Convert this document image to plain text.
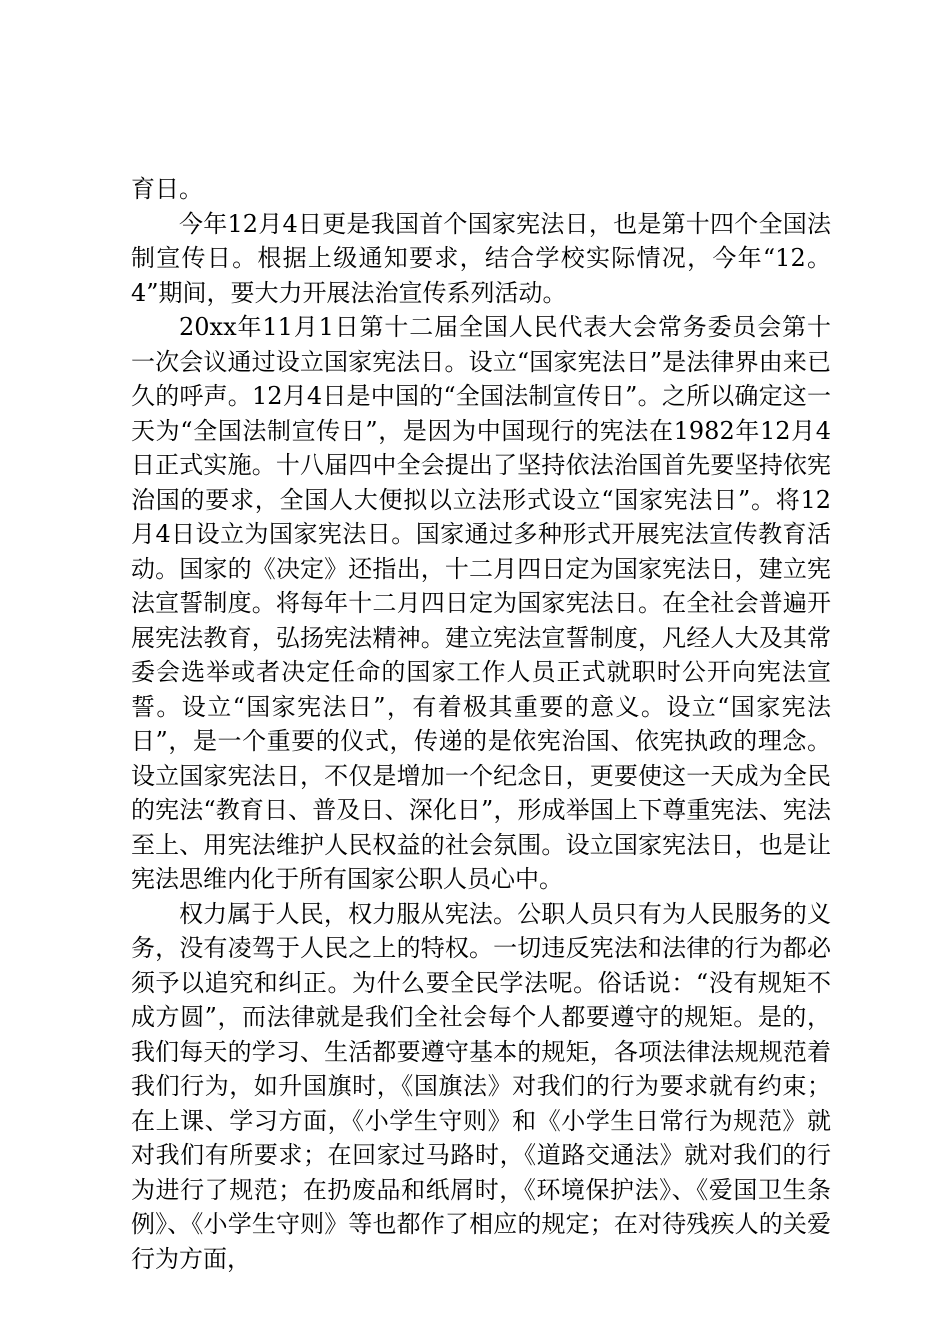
育日。

今年12月4日更是我国首个国家宪法日，也是第十四个全国法制宣传日。根据上级通知要求，结合学校实际情况，今年“12。4”期间，要大力开展法治宣传系列活动。

20xx年11月1日第十二届全国人民代表大会常务委员会第十一次会议通过设立国家宪法日。设立“国家宪法日”是法律界由来已久的呼声。12月4日是中国的“全国法制宣传日”。之所以确定这一天为“全国法制宣传日”，是因为中国现行的宪法在1982年12月4日正式实施。十八届四中全会提出了坚持依法治国首先要坚持依宪治国的要求，全国人大便拟以立法形式设立“国家宪法日”。将12月4日设立为国家宪法日。国家通过多种形式开展宪法宣传教育活动。国家的《决定》还指出，十二月四日定为国家宪法日，建立宪法宣誓制度。将每年十二月四日定为国家宪法日。在全社会普遍开展宪法教育，弘扬宪法精神。建立宪法宣誓制度，凡经人大及其常委会选举或者决定任命的国家工作人员正式就职时公开向宪法宣誓。设立“国家宪法日”，有着极其重要的意义。设立“国家宪法日”，是一个重要的仪式，传递的是依宪治国、依宪执政的理念。设立国家宪法日，不仅是增加一个纪念日，更要使这一天成为全民的宪法“教育日、普及日、深化日”，形成举国上下尊重宪法、宪法至上、用宪法维护人民权益的社会氛围。设立国家宪法日，也是让宪法思维内化于所有国家公职人员心中。

权力属于人民，权力服从宪法。公职人员只有为人民服务的义务，没有凌驾于人民之上的特权。一切违反宪法和法律的行为都必须予以追究和纠正。为什么要全民学法呢。俗话说：“没有规矩不成方圆”，而法律就是我们全社会每个人都要遵守的规矩。是的，我们每天的学习、生活都要遵守基本的规矩，各项法律法规规范着我们行为，如升国旗时，《国旗法》对我们的行为要求就有约束；在上课、学习方面，《小学生守则》和《小学生日常行为规范》就对我们有所要求；在回家过马路时，《道路交通法》就对我们的行为进行了规范；在扔废品和纸屑时，《环境保护法》、《爱国卫生条例》、《小学生守则》等也都作了相应的规定；在对待残疾人的关爱行为方面，
